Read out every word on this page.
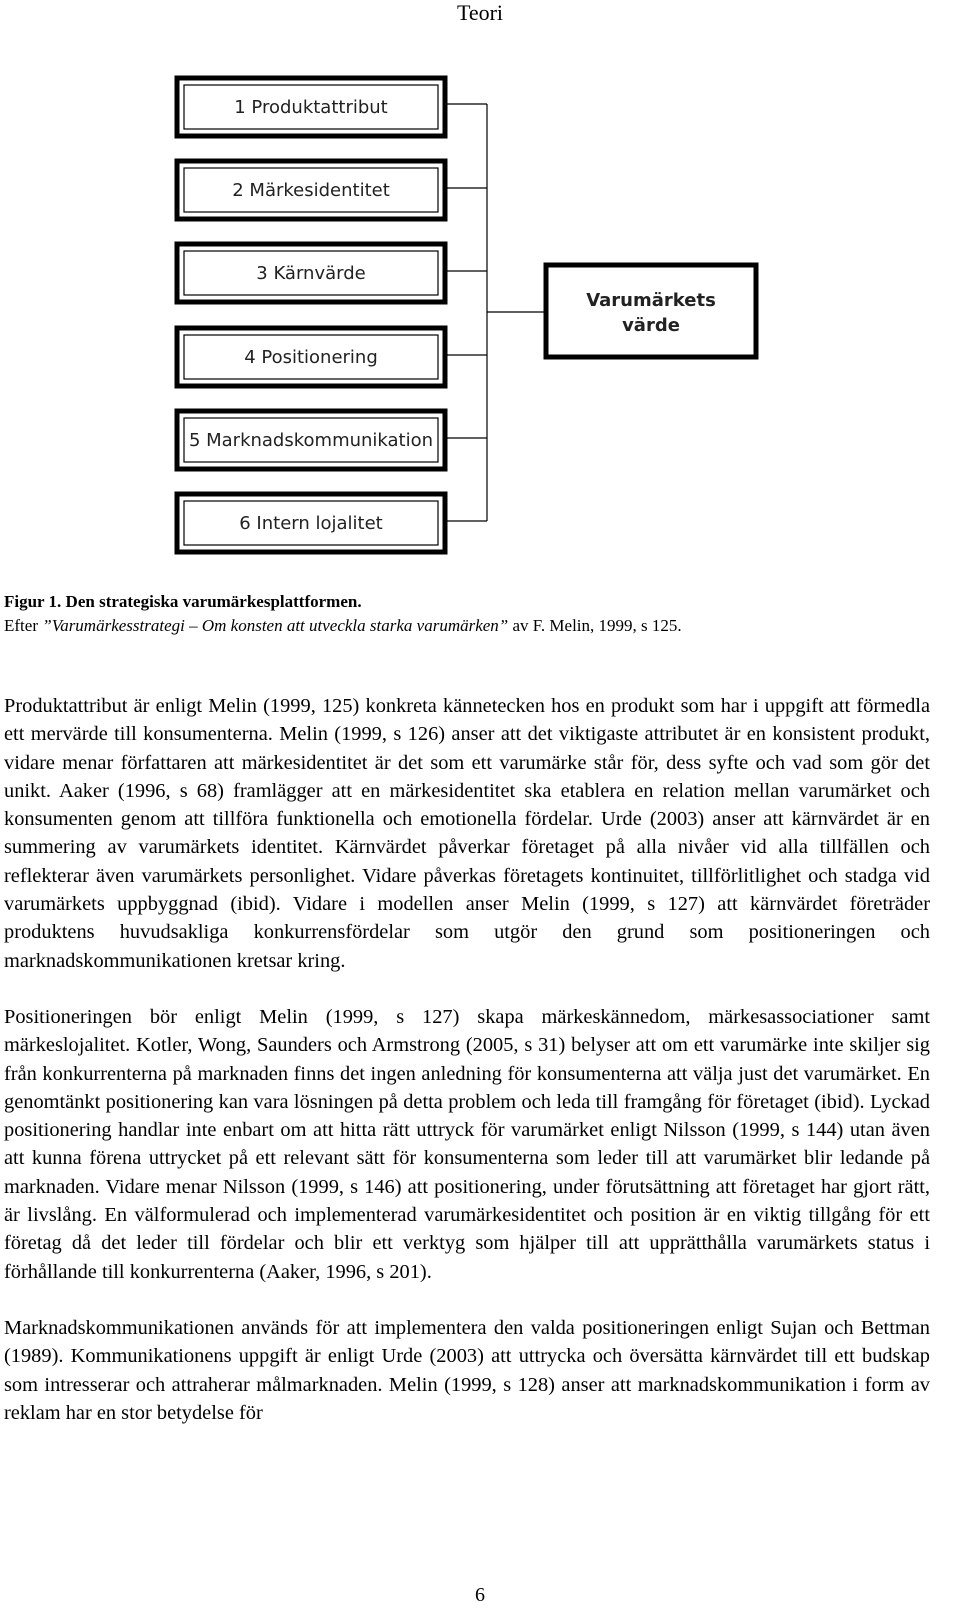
Teori
1 Produktattribut
2 Märkesidentitet
3 Kärnvärde
4 Positionering
5 Marknadskommunikation
6 Intern lojalitet
Varumärkets
värde
Figur 1. Den strategiska varumärkesplattformen.
Efter ”Varumärkesstrategi – Om konsten att utveckla starka varumärken” av F. Melin, 1999, s 125.

Produktattribut är enligt Melin (1999, 125) konkreta kännetecken hos en produkt som har i uppgift att förmedla ett mervärde till konsumenterna. Melin (1999, s 126) anser att det viktigaste attributet är en konsistent produkt, vidare menar författaren att märkesidentitet är det som ett varumärke står för, dess syfte och vad som gör det unikt. Aaker (1996, s 68) framlägger att en märkesidentitet ska etablera en relation mellan varumärket och konsumenten genom att tillföra funktionella och emotionella fördelar. Urde (2003) anser att kärnvärdet är en summering av varumärkets identitet. Kärnvärdet påverkar företaget på alla nivåer vid alla tillfällen och reflekterar även varumärkets personlighet. Vidare påverkas företagets kontinuitet, tillförlitlighet och stadga vid varumärkets uppbyggnad (ibid). Vidare i modellen anser Melin (1999, s 127) att kärnvärdet företräder produktens huvudsakliga konkurrensfördelar som utgör den grund som positioneringen och marknadskommunikationen kretsar kring.

Positioneringen bör enligt Melin (1999, s 127) skapa märkeskännedom, märkesassociationer samt märkeslojalitet. Kotler, Wong, Saunders och Armstrong (2005, s 31) belyser att om ett varumärke inte skiljer sig från konkurrenterna på marknaden finns det ingen anledning för konsumenterna att välja just det varumärket. En genomtänkt positionering kan vara lösningen på detta problem och leda till framgång för företaget (ibid). Lyckad positionering handlar inte enbart om att hitta rätt uttryck för varumärket enligt Nilsson (1999, s 144) utan även att kunna förena uttrycket på ett relevant sätt för konsumenterna som leder till att varumärket blir ledande på marknaden. Vidare menar Nilsson (1999, s 146) att positionering, under förutsättning att företaget har gjort rätt, är livslång. En välformulerad och implementerad varumärkesidentitet och position är en viktig tillgång för ett företag då det leder till fördelar och blir ett verktyg som hjälper till att upprätthålla varumärkets status i förhållande till konkurrenterna (Aaker, 1996, s 201).

Marknadskommunikationen används för att implementera den valda positioneringen enligt Sujan och Bettman (1989). Kommunikationens uppgift är enligt Urde (2003) att uttrycka och översätta kärnvärdet till ett budskap som intresserar och attraherar målmarknaden. Melin (1999, s 128) anser att marknadskommunikation i form av reklam har en stor betydelse för

6
